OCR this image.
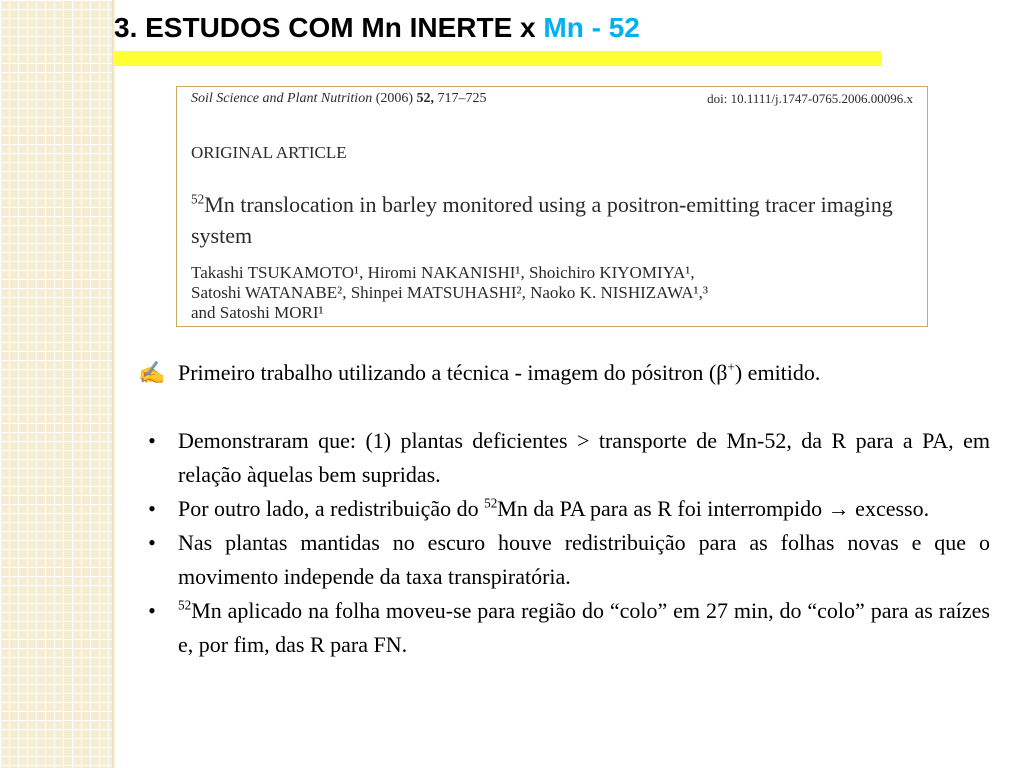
3. ESTUDOS COM Mn INERTE x Mn - 52
Soil Science and Plant Nutrition (2006) 52, 717–725	doi: 10.1111/j.1747-0765.2006.00096.x
ORIGINAL ARTICLE
$^{52}$Mn translocation in barley monitored using a positron-emitting tracer imaging system
Takashi TSUKAMOTO¹, Hiromi NAKANISHI¹, Shoichiro KIYOMIYA¹,
Satoshi WATANABE², Shinpei MATSUHASHI², Naoko K. NISHIZAWA¹,³
and Satoshi MORI¹
✍ Primeiro trabalho utilizando a técnica - imagem do pósitron (β+) emitido.
•	Demonstraram que: (1) plantas deficientes > transporte de Mn-52, da R para a PA, em relação àquelas bem supridas.
•	Por outro lado, a redistribuição do $^{52}$Mn da PA para as R foi interrompido → excesso.
•	Nas plantas mantidas no escuro houve redistribuição para as folhas novas e que o movimento independe da taxa transpiratória.
•	$^{52}$Mn aplicado na folha moveu-se para região do “colo” em 27 min, do “colo” para as raízes e, por fim, das R para FN.
